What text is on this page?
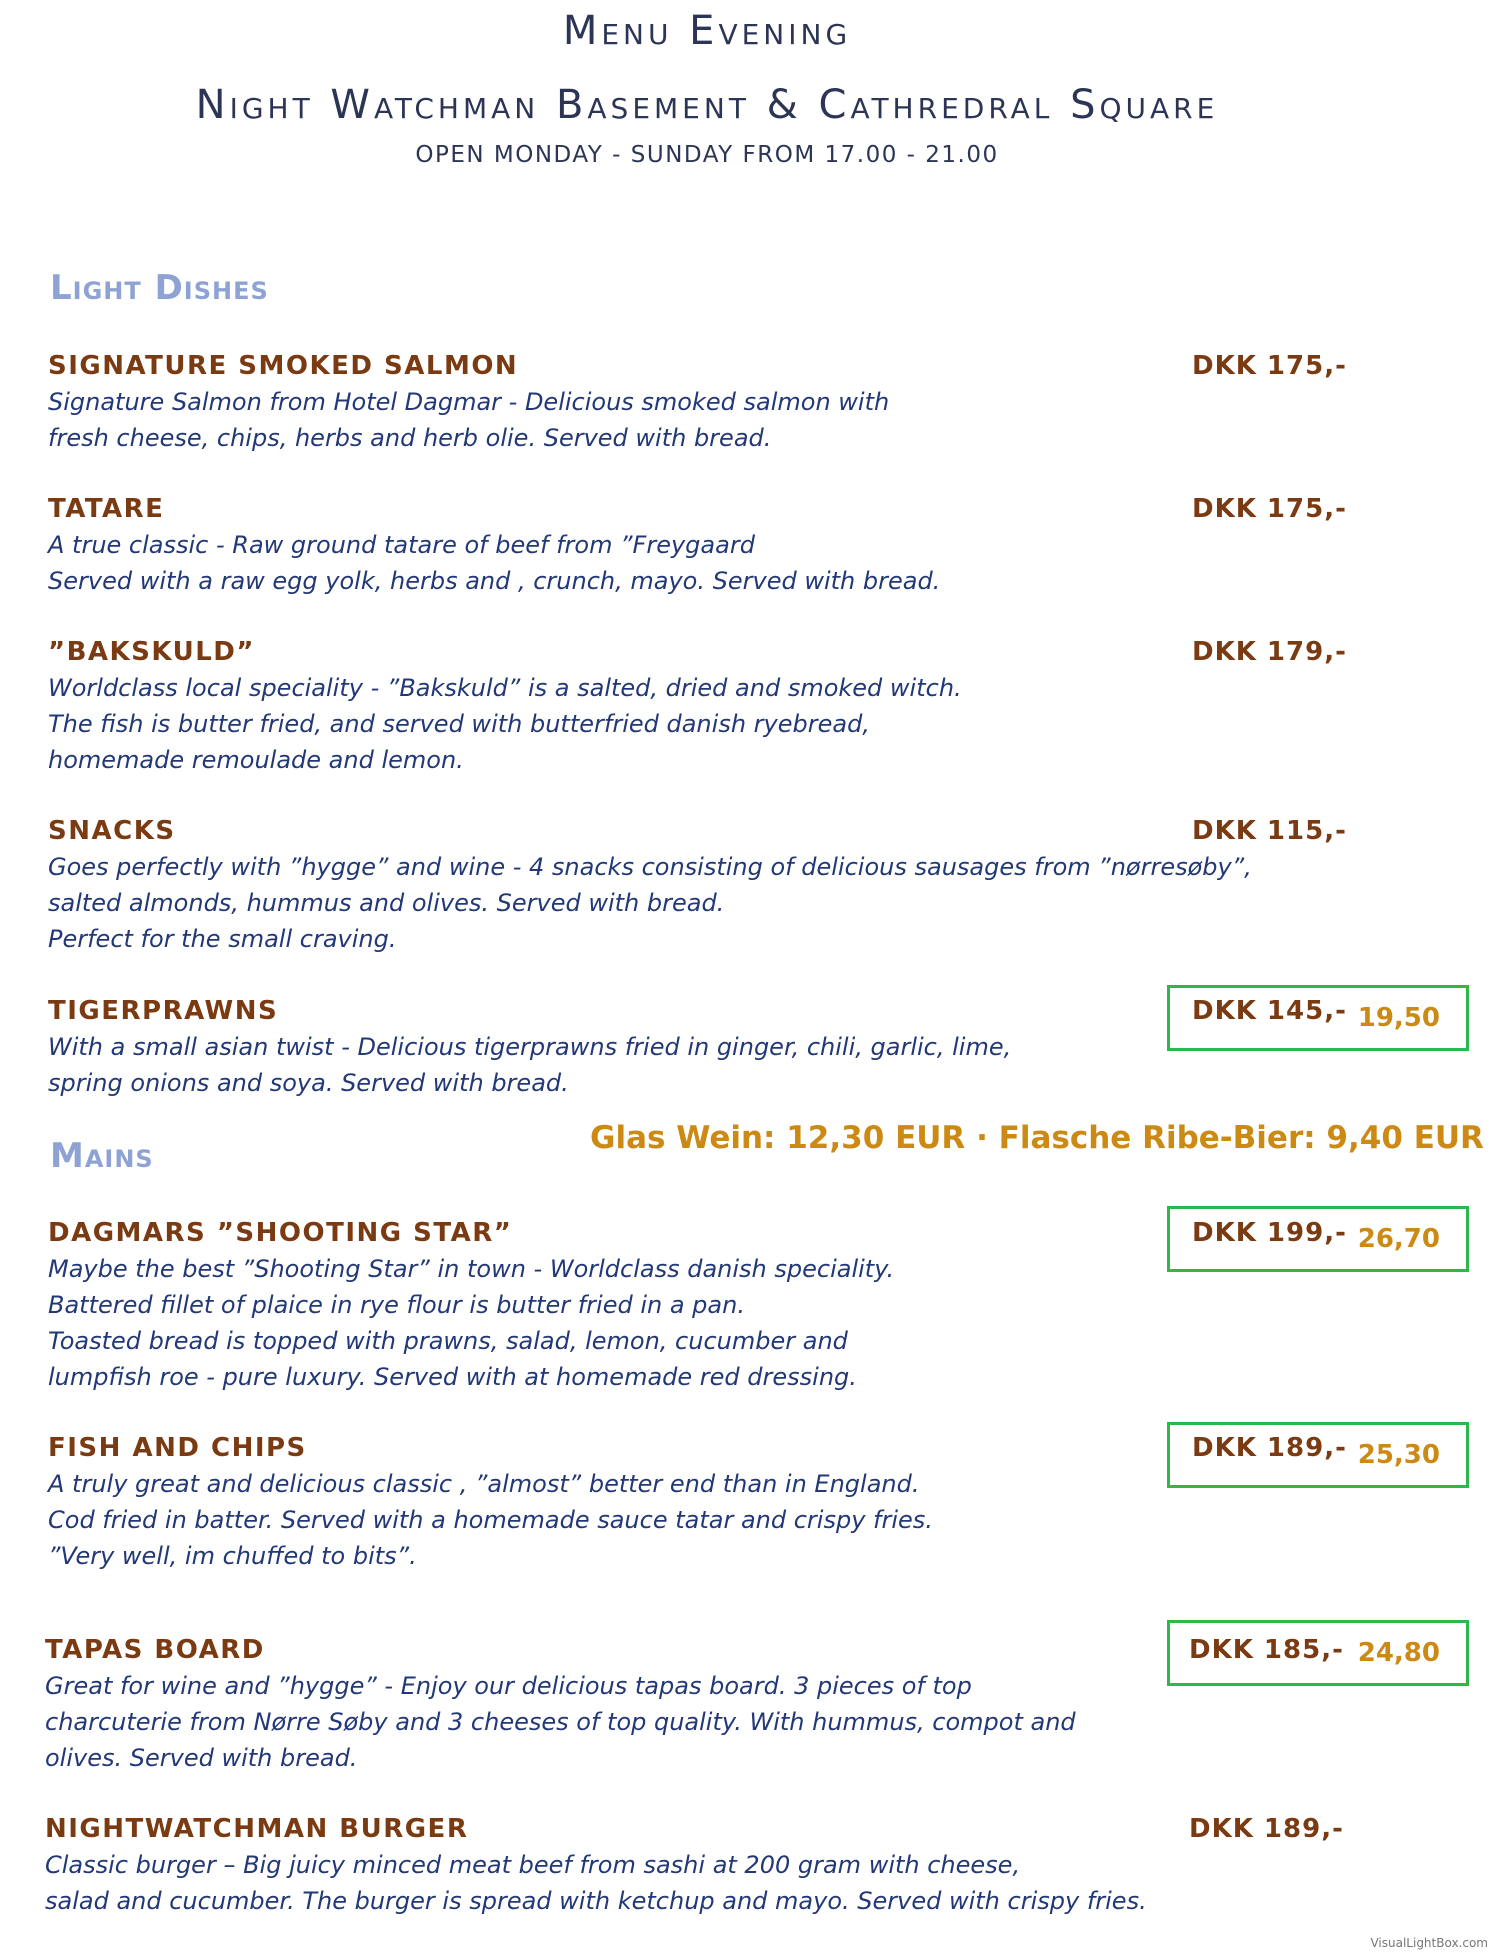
Menu Evening
Night Watchman Basement & Cathredral Square
OPEN MONDAY - SUNDAY FROM 17.00 - 21.00
Light Dishes
SIGNATURE SMOKED SALMON
Signature Salmon from Hotel Dagmar - Delicious smoked salmon with
fresh cheese, chips, herbs and herb olie. Served with bread.
DKK 175,-
TATARE
A true classic - Raw ground tatare of beef from ”Freygaard
Served with a raw egg yolk, herbs and , crunch, mayo. Served with bread.
DKK 175,-
”BAKSKULD”
Worldclass local speciality - ”Bakskuld” is a salted, dried and smoked witch.
The fish is butter fried, and served with butterfried danish ryebread,
homemade remoulade and lemon.
DKK 179,-
SNACKS
Goes perfectly with ”hygge” and wine - 4 snacks consisting of delicious sausages from ”nørresøby”,
salted almonds, hummus and olives. Served with bread.
Perfect for the small craving.
DKK 115,-
TIGERPRAWNS
With a small asian twist - Delicious tigerprawns fried in ginger, chili, garlic, lime,
spring onions and soya. Served with bread.
DKK 145,- 19,50
Glas Wein: 12,30 EUR · Flasche Ribe-Bier: 9,40 EUR
Mains
DAGMARS ”SHOOTING STAR”
Maybe the best ”Shooting Star” in town - Worldclass danish speciality.
Battered fillet of plaice in rye flour is butter fried in a pan.
Toasted bread is topped with prawns, salad, lemon, cucumber and
lumpfish roe - pure luxury. Served with at homemade red dressing.
DKK 199,- 26,70
FISH AND CHIPS
A truly great and delicious classic , ”almost” better end than in England.
Cod fried in batter. Served with a homemade sauce tatar and crispy fries.
”Very well, im chuffed to bits”.
DKK 189,- 25,30
TAPAS BOARD
Great for wine and ”hygge” - Enjoy our delicious tapas board. 3 pieces of top
charcuterie from Nørre Søby and 3 cheeses of top quality. With hummus, compot and
olives. Served with bread.
DKK 185,- 24,80
NIGHTWATCHMAN BURGER
Classic burger – Big juicy minced meat beef from sashi at 200 gram with cheese,
salad and cucumber. The burger is spread with ketchup and mayo. Served with crispy fries.
DKK 189,-
VisualLightBox.com
